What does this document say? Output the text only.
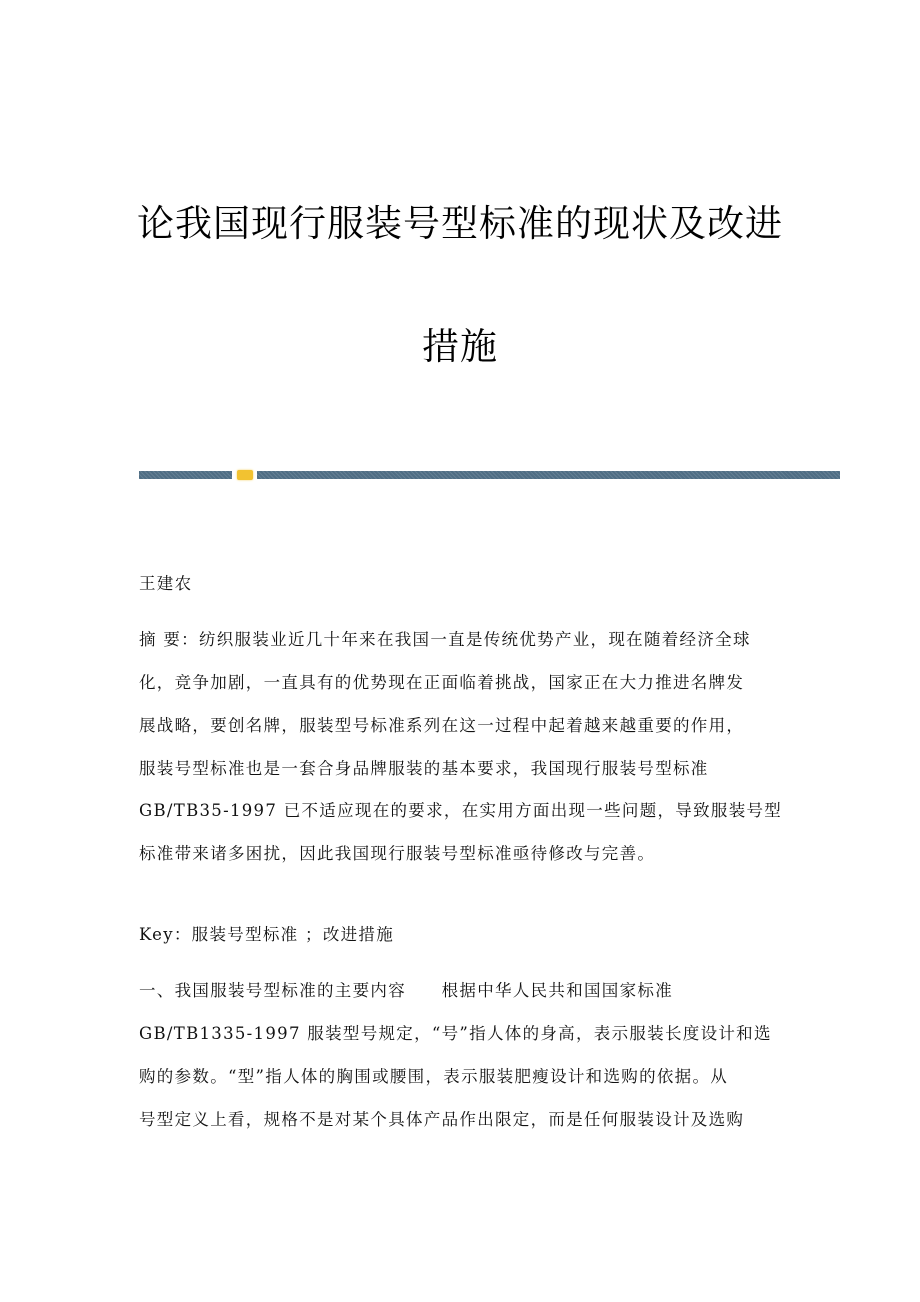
论我国现行服装号型标准的现状及改进
措施
王建农
摘 要：纺织服装业近几十年来在我国一直是传统优势产业，现在随着经济全球
化，竞争加剧，一直具有的优势现在正面临着挑战，国家正在大力推进名牌发
展战略，要创名牌，服装型号标准系列在这一过程中起着越来越重要的作用，
服装号型标准也是一套合身品牌服装的基本要求，我国现行服装号型标准
GB/TB35-1997 已不适应现在的要求，在实用方面出现一些问题，导致服装号型
标准带来诸多困扰，因此我国现行服装号型标准亟待修改与完善。
Key：服装号型标准 ；改进措施
一、我国服装号型标准的主要内容　　根据中华人民共和国国家标准
GB/TB1335-1997 服装型号规定，“号”指人体的身高，表示服装长度设计和选
购的参数。“型”指人体的胸围或腰围，表示服装肥瘦设计和选购的依据。从
号型定义上看，规格不是对某个具体产品作出限定，而是任何服装设计及选购
